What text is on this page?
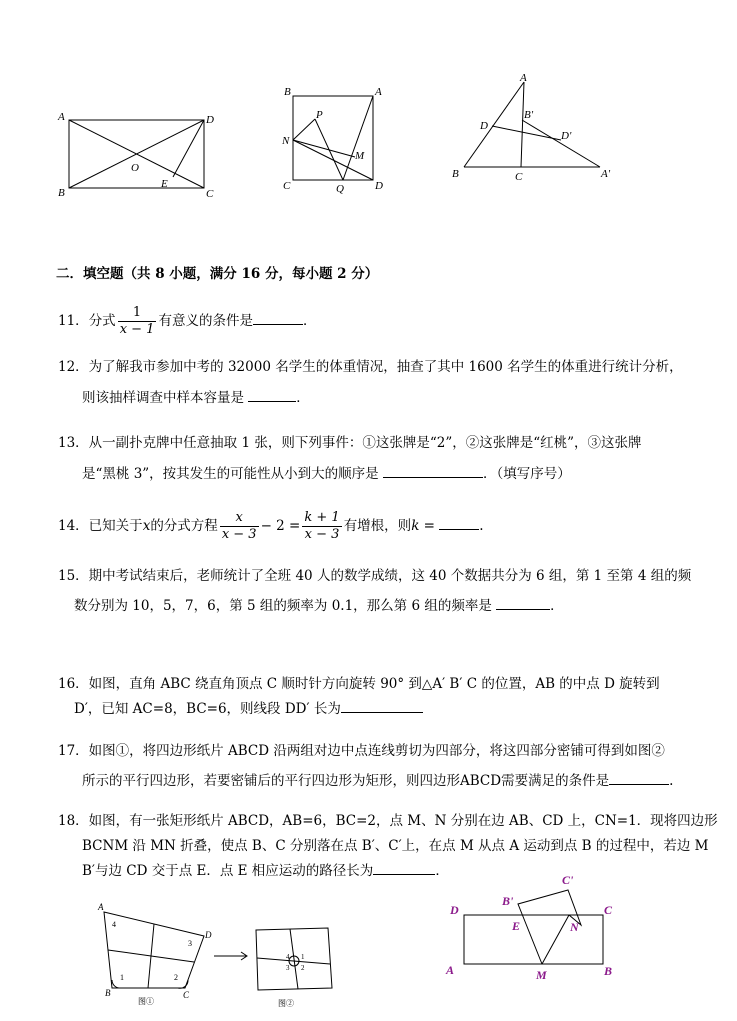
A	D
B	C
O
E
B	A
P
N
M
C	Q	D
A
B'
D
D'
B	C	A'
二．填空题（共 8 小题，满分 16 分，每小题 2 分）
11．分式 $\frac{1}{x - 1}$ 有意义的条件是	．
12．为了解我市参加中考的 32000 名学生的体重情况，抽查了其中 1600 名学生的体重进行统计分析，
则该抽样调查中样本容量是	．
13．从一副扑克牌中任意抽取 1 张，则下列事件：①这张牌是“2”，②这张牌是“红桃”，③这张牌
是“黑桃 3”，按其发生的可能性从小到大的顺序是	．（填写序号）
14．已知关于x的分式方程 $\frac{x}{x - 3} - 2 = \frac{k + 1}{x - 3}$ 有增根，则k =	.
15．期中考试结束后，老师统计了全班 40 人的数学成绩，这 40 个数据共分为 6 组，第 1 至第 4 组的频
数分别为 10，5，7，6，第 5 组的频率为 0.1，那么第 6 组的频率是	．
16．如图，直角 ABC 绕直角顶点 C 顺时针方向旋转 90° 到△A′ B′ C 的位置，AB 的中点 D 旋转到
D′，已知 AC=8，BC=6，则线段 DD′ 长为
17．如图①，将四边形纸片 ABCD 沿两组对边中点连线剪切为四部分，将这四部分密铺可得到如图②
所示的平行四边形，若要密铺后的平行四边形为矩形，则四边形ABCD需要满足的条件是	.
18．如图，有一张矩形纸片 ABCD，AB=6，BC=2，点 M、N 分别在边 AB、CD 上，CN=1．现将四边形
BCNM 沿 MN 折叠，使点 B、C 分别落在点 B′、C′上，在点 M 从点 A 运动到点 B 的过程中，若边 M
B′与边 CD 交于点 E．点 E 相应运动的路径长为	．
A
D
B	C
1	2
3
4
图①
4 1
3 2
图②
D	C
A	B
B'
C'
E	N
M
